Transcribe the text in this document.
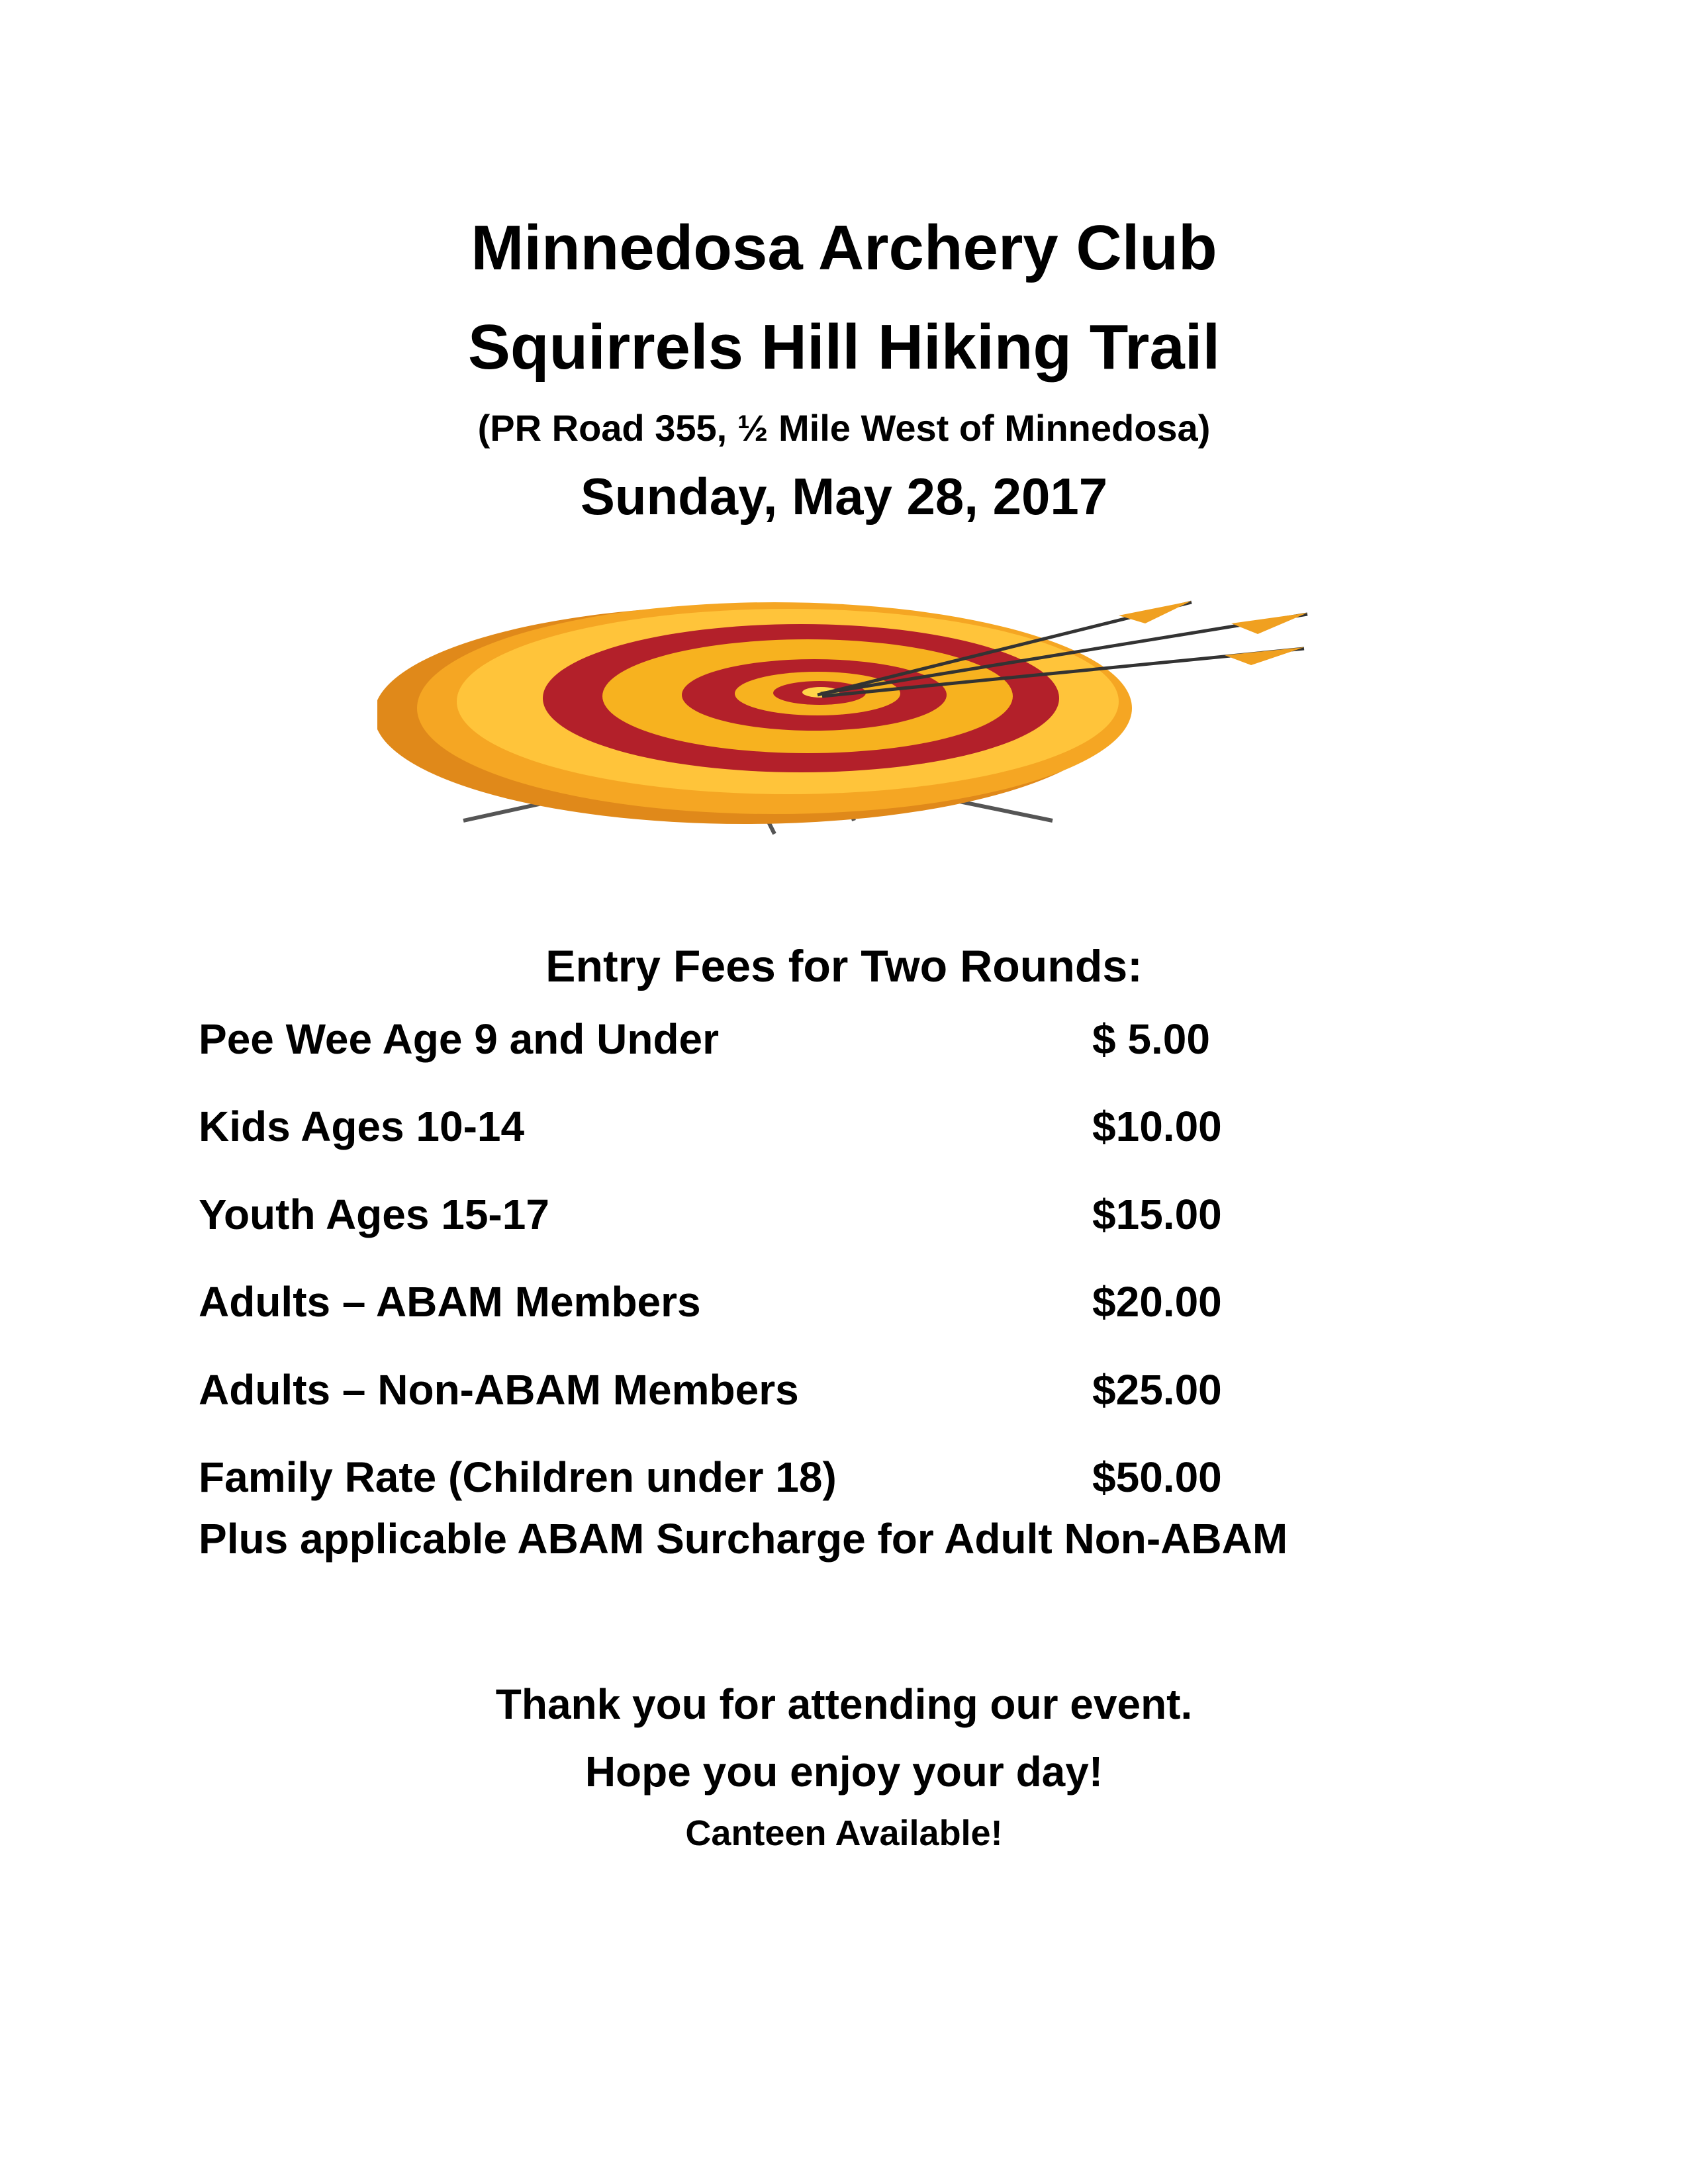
Minnedosa Archery Club
Squirrels Hill Hiking Trail
(PR Road 355, ½ Mile West of Minnedosa)
Sunday, May 28, 2017
Entry Fees for Two Rounds:
Pee Wee Age 9 and Under	$ 5.00
Kids Ages 10-14	$10.00
Youth Ages 15-17	$15.00
Adults – ABAM Members	$20.00
Adults – Non-ABAM Members	$25.00
Family Rate (Children under 18)	$50.00
Plus applicable ABAM Surcharge for Adult Non-ABAM
Thank you for attending our event.
Hope you enjoy your day!
Canteen Available!
